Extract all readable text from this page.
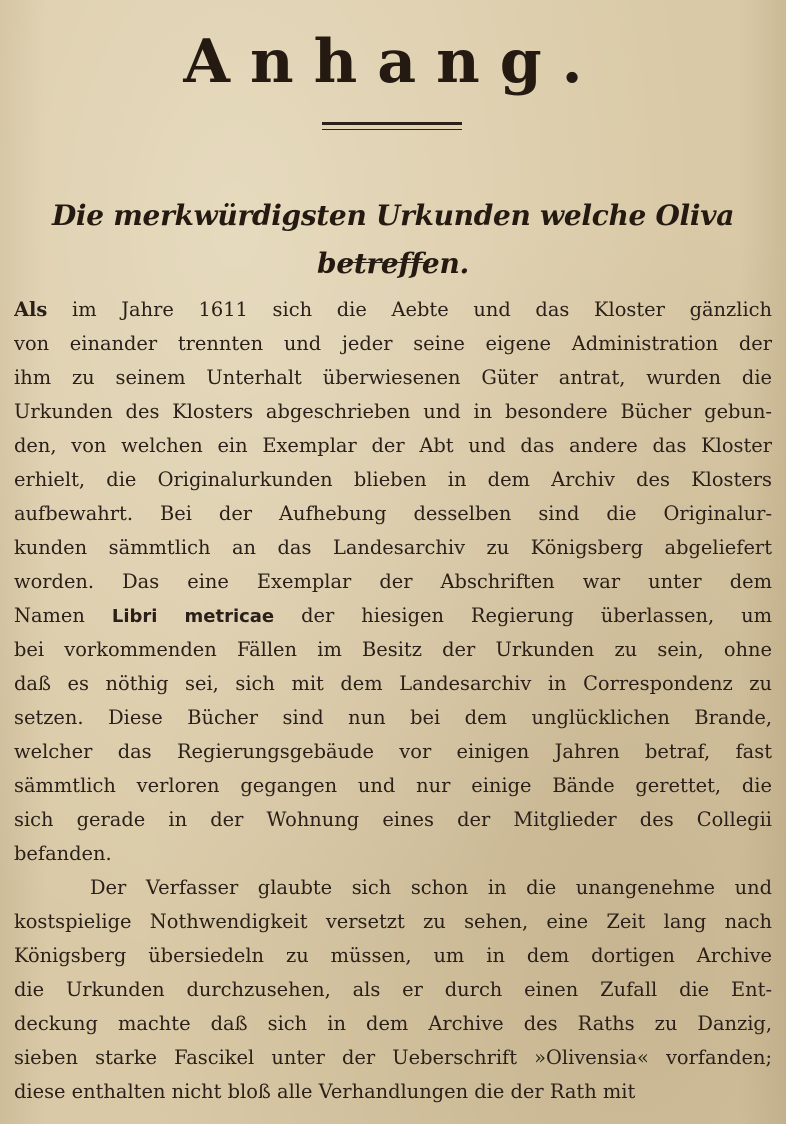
Anhang.
Die merkwürdigsten Urkunden welche Oliva betreffen.
Als im Jahre 1611 sich die Aebte und das Kloster gänzlich
von einander trennten und jeder seine eigene Administration der
ihm zu seinem Unterhalt überwiesenen Güter antrat, wurden die
Urkunden des Klosters abgeschrieben und in besondere Bücher gebun-
den, von welchen ein Exemplar der Abt und das andere das Kloster
erhielt, die Originalurkunden blieben in dem Archiv des Klosters
aufbewahrt. Bei der Aufhebung desselben sind die Originalur-
kunden sämmtlich an das Landesarchiv zu Königsberg abgeliefert
worden. Das eine Exemplar der Abschriften war unter dem
Namen Libri metricae der hiesigen Regierung überlassen, um
bei vorkommenden Fällen im Besitz der Urkunden zu sein, ohne
daß es nöthig sei, sich mit dem Landesarchiv in Correspondenz zu
setzen. Diese Bücher sind nun bei dem unglücklichen Brande,
welcher das Regierungsgebäude vor einigen Jahren betraf, fast
sämmtlich verloren gegangen und nur einige Bände gerettet, die
sich gerade in der Wohnung eines der Mitglieder des Collegii
befanden.
Der Verfasser glaubte sich schon in die unangenehme und
kostspielige Nothwendigkeit versetzt zu sehen, eine Zeit lang nach
Königsberg übersiedeln zu müssen, um in dem dortigen Archive
die Urkunden durchzusehen, als er durch einen Zufall die Ent-
deckung machte daß sich in dem Archive des Raths zu Danzig,
sieben starke Fascikel unter der Ueberschrift »Olivensia« vorfanden;
diese enthalten nicht bloß alle Verhandlungen die der Rath mit
